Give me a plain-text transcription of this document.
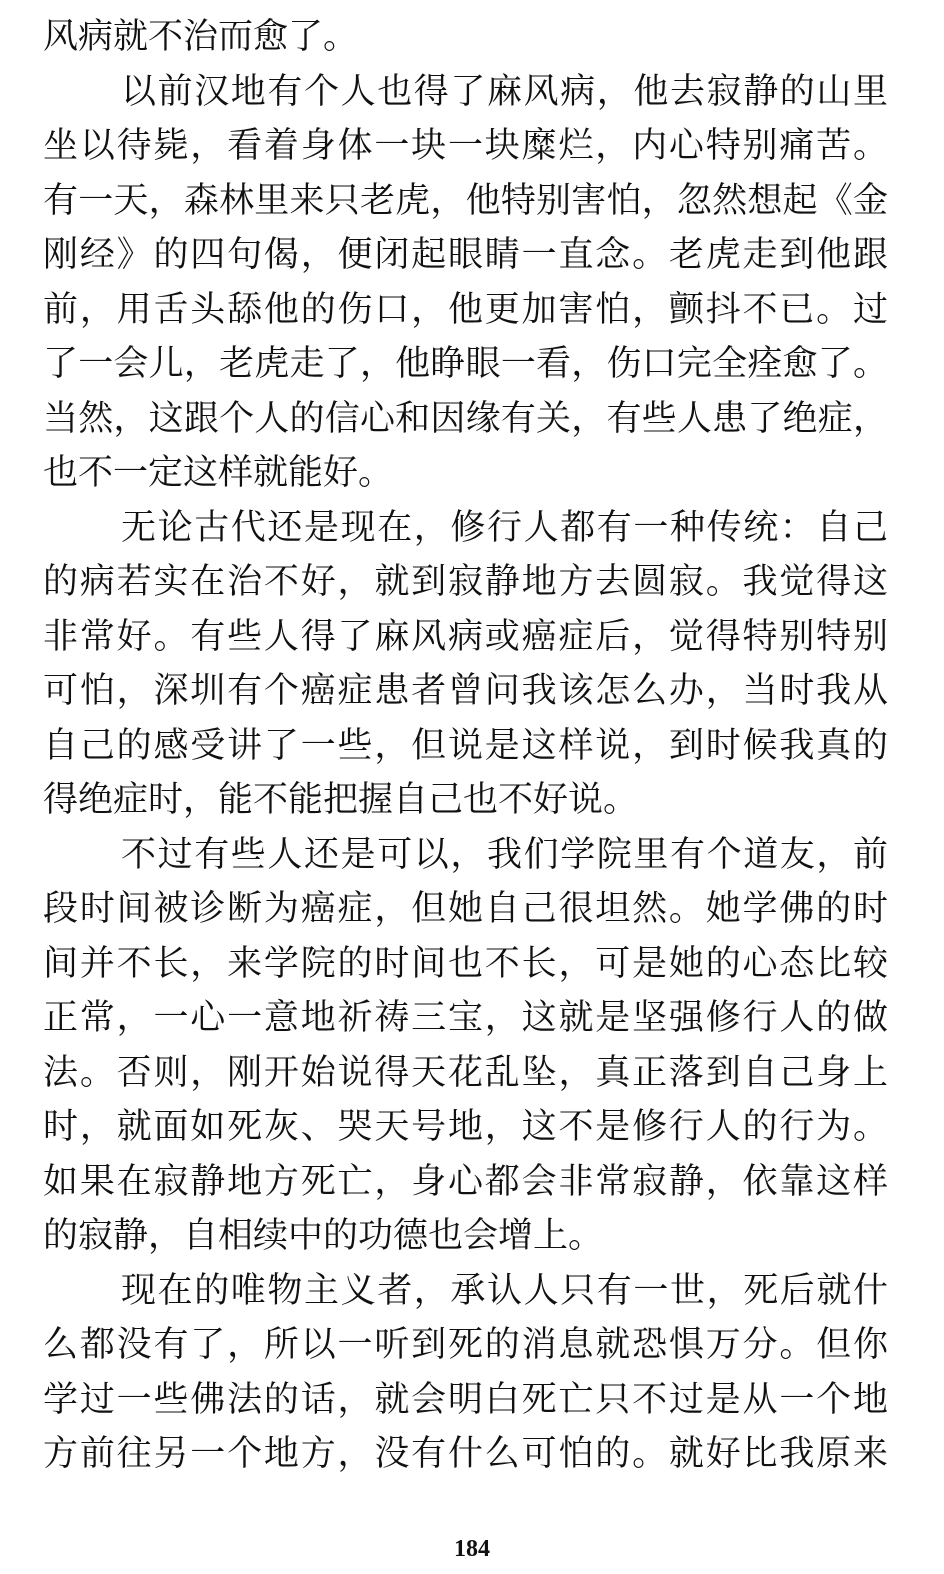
风病就不治而愈了。
以前汉地有个人也得了麻风病，他去寂静的山里
坐以待毙，看着身体一块一块糜烂，内心特别痛苦。
有一天，森林里来只老虎，他特别害怕，忽然想起《金
刚经》的四句偈，便闭起眼睛一直念。老虎走到他跟
前，用舌头舔他的伤口，他更加害怕，颤抖不已。过
了一会儿，老虎走了，他睁眼一看，伤口完全痊愈了。
当然，这跟个人的信心和因缘有关，有些人患了绝症，
也不一定这样就能好。
无论古代还是现在，修行人都有一种传统：自己
的病若实在治不好，就到寂静地方去圆寂。我觉得这
非常好。有些人得了麻风病或癌症后，觉得特别特别
可怕，深圳有个癌症患者曾问我该怎么办，当时我从
自己的感受讲了一些，但说是这样说，到时候我真的
得绝症时，能不能把握自己也不好说。
不过有些人还是可以，我们学院里有个道友，前
段时间被诊断为癌症，但她自己很坦然。她学佛的时
间并不长，来学院的时间也不长，可是她的心态比较
正常，一心一意地祈祷三宝，这就是坚强修行人的做
法。否则，刚开始说得天花乱坠，真正落到自己身上
时，就面如死灰、哭天号地，这不是修行人的行为。
如果在寂静地方死亡，身心都会非常寂静，依靠这样
的寂静，自相续中的功德也会增上。
现在的唯物主义者，承认人只有一世，死后就什
么都没有了，所以一听到死的消息就恐惧万分。但你
学过一些佛法的话，就会明白死亡只不过是从一个地
方前往另一个地方，没有什么可怕的。就好比我原来
184
